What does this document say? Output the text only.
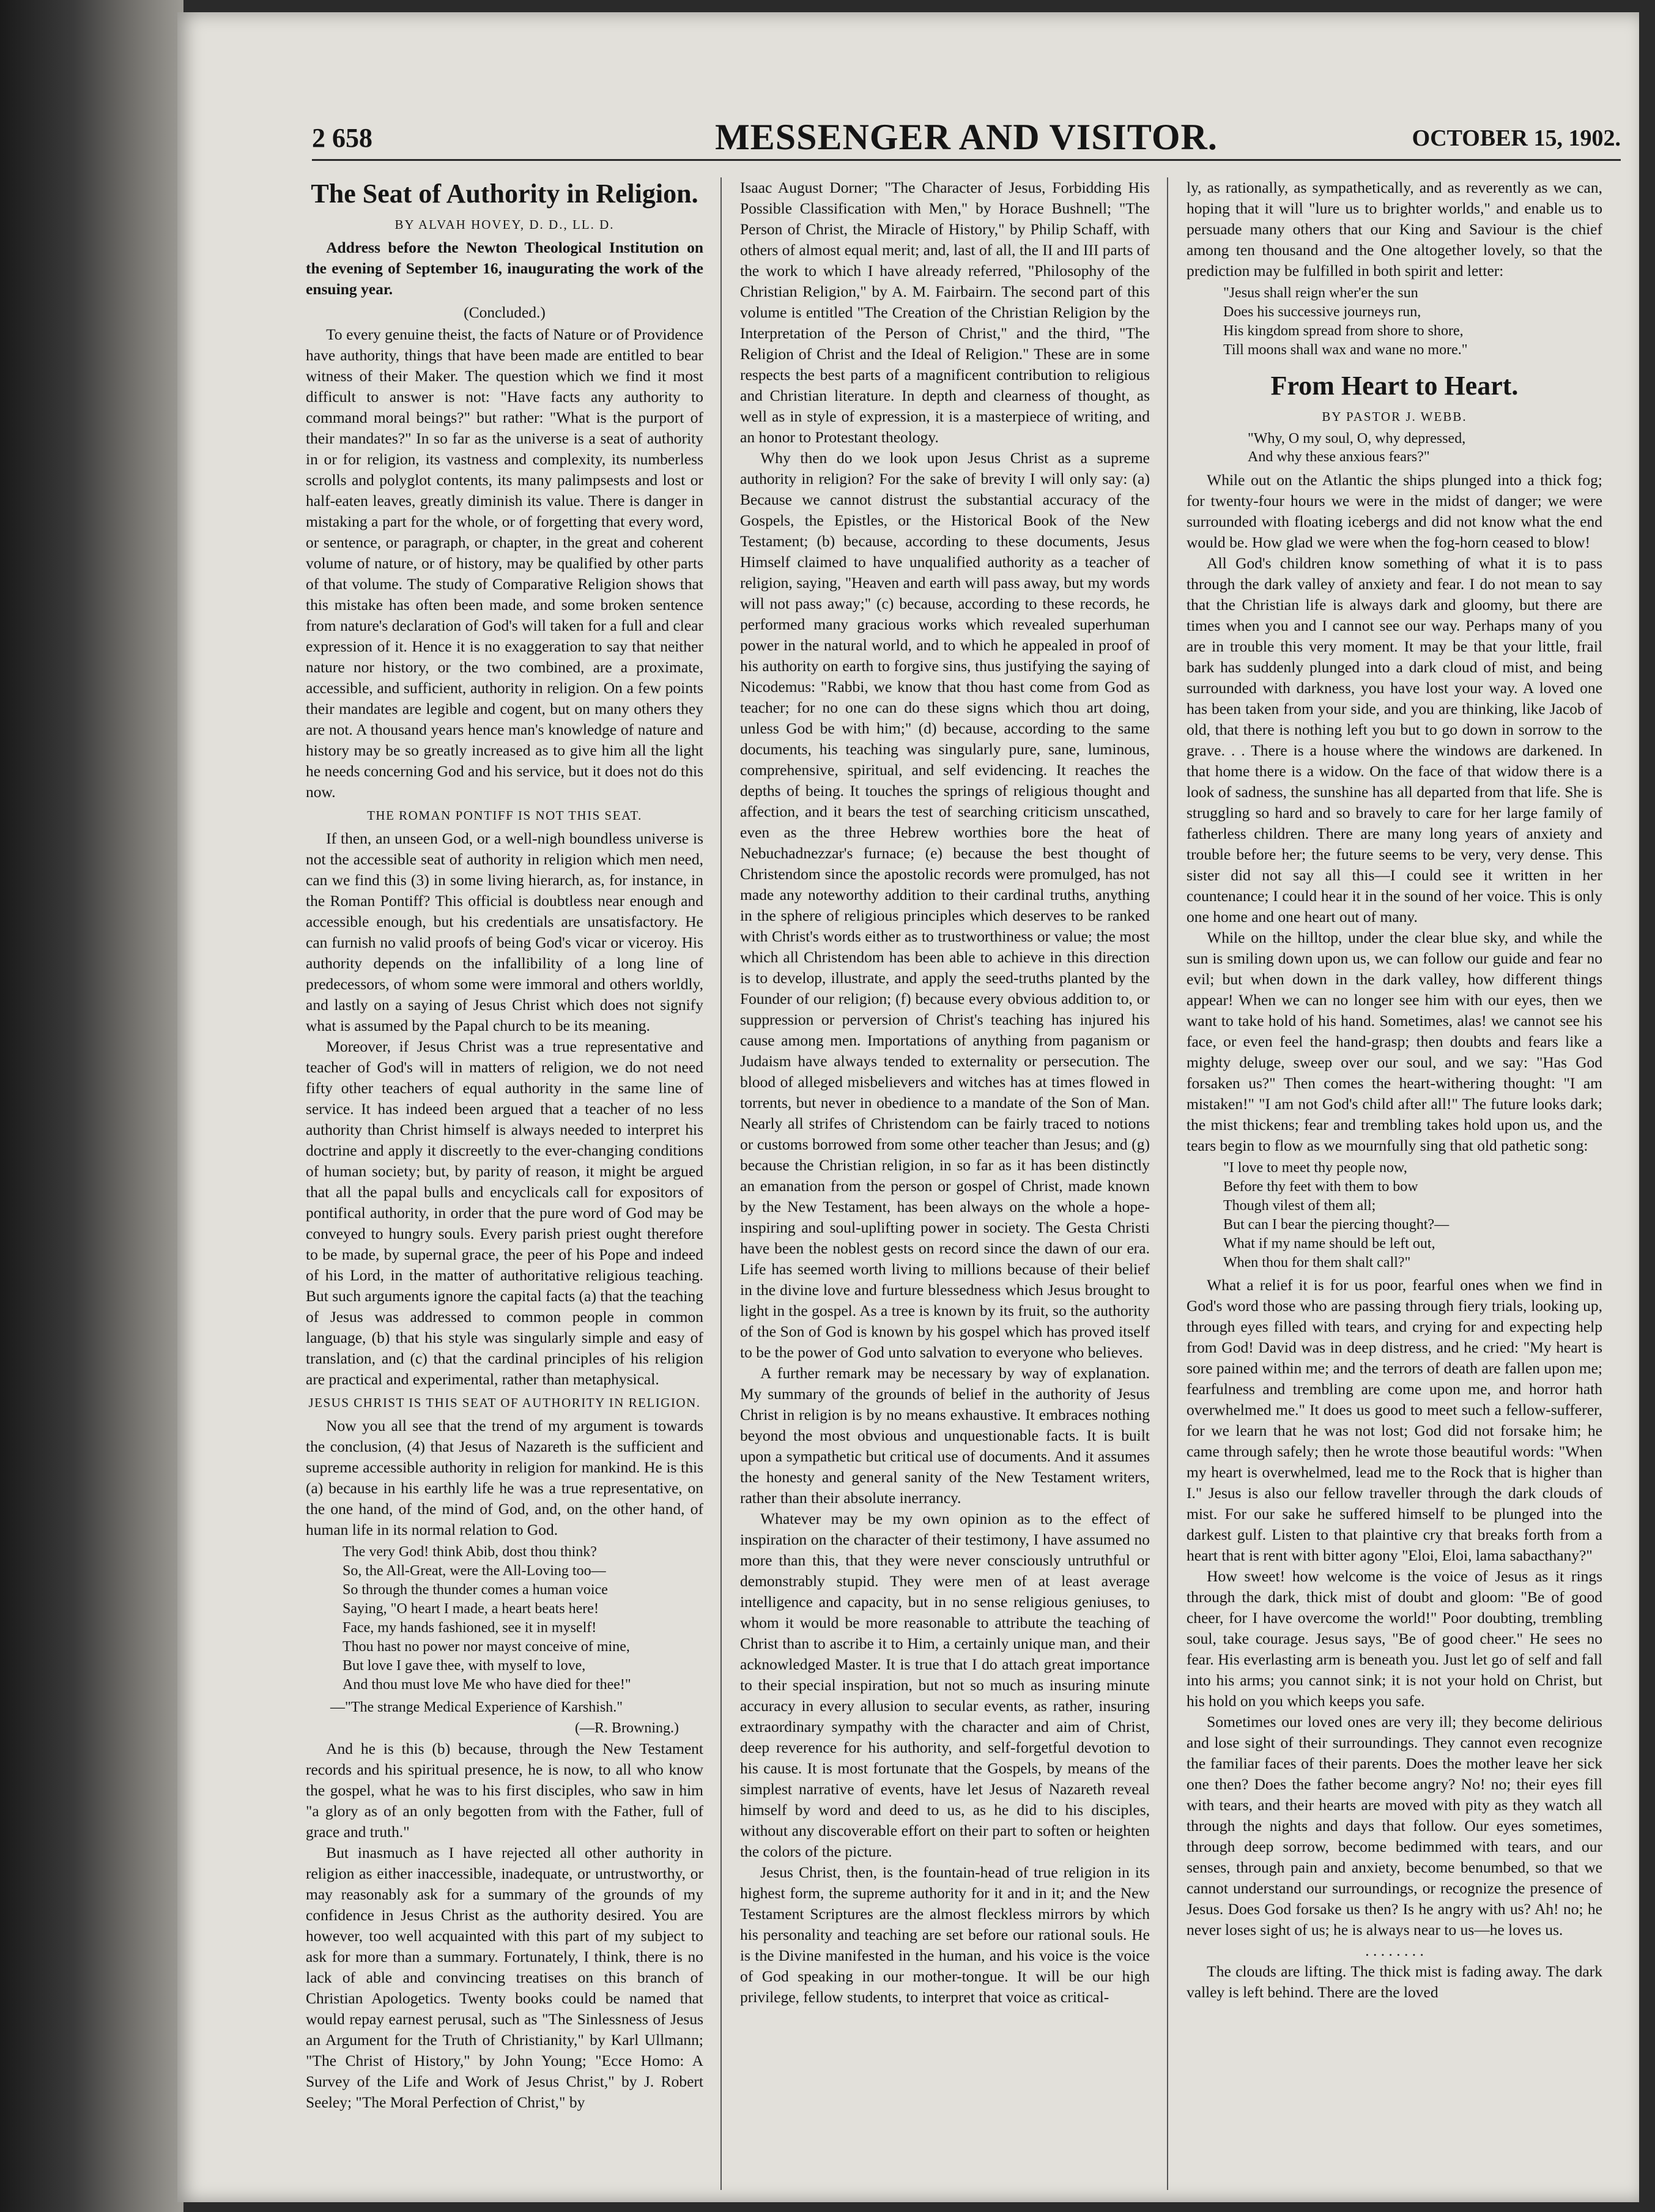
2 658	MESSENGER AND VISITOR.	OCTOBER 15, 1902.
The Seat of Authority in Religion.
BY ALVAH HOVEY, D. D., LL. D.

Address before the Newton Theological Institution on the evening of September 16, inaugurating the work of the ensuing year.

(Concluded.)

To every genuine theist, the facts of Nature or of Providence have authority, things that have been made are entitled to bear witness of their Maker. The question which we find it most difficult to answer is not: "Have facts any authority to command moral beings?" but rather: "What is the purport of their mandates?" In so far as the universe is a seat of authority in or for religion, its vastness and complexity, its numberless scrolls and polyglot contents, its many palimpsests and lost or half-eaten leaves, greatly diminish its value. There is danger in mistaking a part for the whole, or of forgetting that every word, or sentence, or paragraph, or chapter, in the great and coherent volume of nature, or of history, may be qualified by other parts of that volume. The study of Comparative Religion shows that this mistake has often been made, and some broken sentence from nature's declaration of God's will taken for a full and clear expression of it. Hence it is no exaggeration to say that neither nature nor history, or the two combined, are a proximate, accessible, and sufficient, authority in religion. On a few points their mandates are legible and cogent, but on many others they are not. A thousand years hence man's knowledge of nature and history may be so greatly increased as to give him all the light he needs concerning God and his service, but it does not do this now.

THE ROMAN PONTIFF IS NOT THIS SEAT.

If then, an unseen God, or a well-nigh boundless universe is not the accessible seat of authority in religion which men need, can we find this (3) in some living hierarch, as, for instance, in the Roman Pontiff? This official is doubtless near enough and accessible enough, but his credentials are unsatisfactory. He can furnish no valid proofs of being God's vicar or viceroy. His authority depends on the infallibility of a long line of predecessors, of whom some were immoral and others worldly, and lastly on a saying of Jesus Christ which does not signify what is assumed by the Papal church to be its meaning.

Moreover, if Jesus Christ was a true representative and teacher of God's will in matters of religion, we do not need fifty other teachers of equal authority in the same line of service. It has indeed been argued that a teacher of no less authority than Christ himself is always needed to interpret his doctrine and apply it discreetly to the ever-changing conditions of human society; but, by parity of reason, it might be argued that all the papal bulls and encyclicals call for expositors of pontifical authority, in order that the pure word of God may be conveyed to hungry souls. Every parish priest ought therefore to be made, by supernal grace, the peer of his Pope and indeed of his Lord, in the matter of authoritative religious teaching. But such arguments ignore the capital facts (a) that the teaching of Jesus was addressed to common people in common language, (b) that his style was singularly simple and easy of translation, and (c) that the cardinal principles of his religion are practical and experimental, rather than metaphysical.

JESUS CHRIST IS THIS SEAT OF AUTHORITY IN RELIGION.

Now you all see that the trend of my argument is towards the conclusion, (4) that Jesus of Nazareth is the sufficient and supreme accessible authority in religion for mankind. He is this (a) because in his earthly life he was a true representative, on the one hand, of the mind of God, and, on the other hand, of human life in its normal relation to God.

The very God! think Abib, dost thou think?
So, the All-Great, were the All-Loving too—
So through the thunder comes a human voice
Saying, "O heart I made, a heart beats here!
Face, my hands fashioned, see it in myself!
Thou hast no power nor mayst conceive of mine,
But love I gave thee, with myself to love,
And thou must love Me who have died for thee!"
—"The strange Medical Experience of Karshish."
(—R. Browning.)

And he is this (b) because, through the New Testament records and his spiritual presence, he is now, to all who know the gospel, what he was to his first disciples, who saw in him "a glory as of an only begotten from with the Father, full of grace and truth."

But inasmuch as I have rejected all other authority in religion as either inaccessible, inadequate, or untrustworthy, or may reasonably ask for a summary of the grounds of my confidence in Jesus Christ as the authority desired. You are however, too well acquainted with this part of my subject to ask for more than a summary. Fortunately, I think, there is no lack of able and convincing treatises on this branch of Christian Apologetics. Twenty books could be named that would repay earnest perusal, such as "The Sinlessness of Jesus an Argument for the Truth of Christianity," by Karl Ullmann; "The Christ of History," by John Young; "Ecce Homo: A Survey of the Life and Work of Jesus Christ," by J. Robert Seeley; "The Moral Perfection of Christ," by

Isaac August Dorner; "The Character of Jesus, Forbidding His Possible Classification with Men," by Horace Bushnell; "The Person of Christ, the Miracle of History," by Philip Schaff, with others of almost equal merit; and, last of all, the II and III parts of the work to which I have already referred, "Philosophy of the Christian Religion," by A. M. Fairbairn. The second part of this volume is entitled "The Creation of the Christian Religion by the Interpretation of the Person of Christ," and the third, "The Religion of Christ and the Ideal of Religion." These are in some respects the best parts of a magnificent contribution to religious and Christian literature. In depth and clearness of thought, as well as in style of expression, it is a masterpiece of writing, and an honor to Protestant theology.

Why then do we look upon Jesus Christ as a supreme authority in religion? For the sake of brevity I will only say: (a) Because we cannot distrust the substantial accuracy of the Gospels, the Epistles, or the Historical Book of the New Testament; (b) because, according to these documents, Jesus Himself claimed to have unqualified authority as a teacher of religion, saying, "Heaven and earth will pass away, but my words will not pass away;" (c) because, according to these records, he performed many gracious works which revealed superhuman power in the natural world, and to which he appealed in proof of his authority on earth to forgive sins, thus justifying the saying of Nicodemus: "Rabbi, we know that thou hast come from God as teacher; for no one can do these signs which thou art doing, unless God be with him;" (d) because, according to the same documents, his teaching was singularly pure, sane, luminous, comprehensive, spiritual, and self evidencing. It reaches the depths of being. It touches the springs of religious thought and affection, and it bears the test of searching criticism unscathed, even as the three Hebrew worthies bore the heat of Nebuchadnezzar's furnace; (e) because the best thought of Christendom since the apostolic records were promulged, has not made any noteworthy addition to their cardinal truths, anything in the sphere of religious principles which deserves to be ranked with Christ's words either as to trustworthiness or value; the most which all Christendom has been able to achieve in this direction is to develop, illustrate, and apply the seed-truths planted by the Founder of our religion; (f) because every obvious addition to, or suppression or perversion of Christ's teaching has injured his cause among men. Importations of anything from paganism or Judaism have always tended to externality or persecution. The blood of alleged misbelievers and witches has at times flowed in torrents, but never in obedience to a mandate of the Son of Man. Nearly all strifes of Christendom can be fairly traced to notions or customs borrowed from some other teacher than Jesus; and (g) because the Christian religion, in so far as it has been distinctly an emanation from the person or gospel of Christ, made known by the New Testament, has been always on the whole a hope-inspiring and soul-uplifting power in society. The Gesta Christi have been the noblest gests on record since the dawn of our era. Life has seemed worth living to millions because of their belief in the divine love and furture blessedness which Jesus brought to light in the gospel. As a tree is known by its fruit, so the authority of the Son of God is known by his gospel which has proved itself to be the power of God unto salvation to everyone who believes.

A further remark may be necessary by way of explanation. My summary of the grounds of belief in the authority of Jesus Christ in religion is by no means exhaustive. It embraces nothing beyond the most obvious and unquestionable facts. It is built upon a sympathetic but critical use of documents. And it assumes the honesty and general sanity of the New Testament writers, rather than their absolute inerrancy.

Whatever may be my own opinion as to the effect of inspiration on the character of their testimony, I have assumed no more than this, that they were never consciously untruthful or demonstrably stupid. They were men of at least average intelligence and capacity, but in no sense religious geniuses, to whom it would be more reasonable to attribute the teaching of Christ than to ascribe it to Him, a certainly unique man, and their acknowledged Master. It is true that I do attach great importance to their special inspiration, but not so much as insuring minute accuracy in every allusion to secular events, as rather, insuring extraordinary sympathy with the character and aim of Christ, deep reverence for his authority, and self-forgetful devotion to his cause. It is most fortunate that the Gospels, by means of the simplest narrative of events, have let Jesus of Nazareth reveal himself by word and deed to us, as he did to his disciples, without any discoverable effort on their part to soften or heighten the colors of the picture.

Jesus Christ, then, is the fountain-head of true religion in its highest form, the supreme authority for it and in it; and the New Testament Scriptures are the almost fleckless mirrors by which his personality and teaching are set before our rational souls. He is the Divine manifested in the human, and his voice is the voice of God speaking in our mother-tongue. It will be our high privilege, fellow students, to interpret that voice as critical-

ly, as rationally, as sympathetically, and as reverently as we can, hoping that it will "lure us to brighter worlds," and enable us to persuade many others that our King and Saviour is the chief among ten thousand and the One altogether lovely, so that the prediction may be fulfilled in both spirit and letter:

"Jesus shall reign wher'er the sun
Does his successive journeys run,
His kingdom spread from shore to shore,
Till moons shall wax and wane no more."
From Heart to Heart.
BY PASTOR J. WEBB.
"Why, O my soul, O, why depressed,
And why these anxious fears?"

While out on the Atlantic the ships plunged into a thick fog; for twenty-four hours we were in the midst of danger; we were surrounded with floating icebergs and did not know what the end would be. How glad we were when the fog-horn ceased to blow!

All God's children know something of what it is to pass through the dark valley of anxiety and fear. I do not mean to say that the Christian life is always dark and gloomy, but there are times when you and I cannot see our way. Perhaps many of you are in trouble this very moment. It may be that your little, frail bark has suddenly plunged into a dark cloud of mist, and being surrounded with darkness, you have lost your way. A loved one has been taken from your side, and you are thinking, like Jacob of old, that there is nothing left you but to go down in sorrow to the grave. . . There is a house where the windows are darkened. In that home there is a widow. On the face of that widow there is a look of sadness, the sunshine has all departed from that life. She is struggling so hard and so bravely to care for her large family of fatherless children. There are many long years of anxiety and trouble before her; the future seems to be very, very dense. This sister did not say all this—I could see it written in her countenance; I could hear it in the sound of her voice. This is only one home and one heart out of many.

While on the hilltop, under the clear blue sky, and while the sun is smiling down upon us, we can follow our guide and fear no evil; but when down in the dark valley, how different things appear! When we can no longer see him with our eyes, then we want to take hold of his hand. Sometimes, alas! we cannot see his face, or even feel the hand-grasp; then doubts and fears like a mighty deluge, sweep over our soul, and we say: "Has God forsaken us?" Then comes the heart-withering thought: "I am mistaken!" "I am not God's child after all!" The future looks dark; the mist thickens; fear and trembling takes hold upon us, and the tears begin to flow as we mournfully sing that old pathetic song:

"I love to meet thy people now,
Before thy feet with them to bow
Though vilest of them all;
But can I bear the piercing thought?—
What if my name should be left out,
When thou for them shalt call?"

What a relief it is for us poor, fearful ones when we find in God's word those who are passing through fiery trials, looking up, through eyes filled with tears, and crying for and expecting help from God! David was in deep distress, and he cried: "My heart is sore pained within me; and the terrors of death are fallen upon me; fearfulness and trembling are come upon me, and horror hath overwhelmed me." It does us good to meet such a fellow-sufferer, for we learn that he was not lost; God did not forsake him; he came through safely; then he wrote those beautiful words: "When my heart is overwhelmed, lead me to the Rock that is higher than I." Jesus is also our fellow traveller through the dark clouds of mist. For our sake he suffered himself to be plunged into the darkest gulf. Listen to that plaintive cry that breaks forth from a heart that is rent with bitter agony "Eloi, Eloi, lama sabacthany?"

How sweet! how welcome is the voice of Jesus as it rings through the dark, thick mist of doubt and gloom: "Be of good cheer, for I have overcome the world!" Poor doubting, trembling soul, take courage. Jesus says, "Be of good cheer." He sees no fear. His everlasting arm is beneath you. Just let go of self and fall into his arms; you cannot sink; it is not your hold on Christ, but his hold on you which keeps you safe.

Sometimes our loved ones are very ill; they become delirious and lose sight of their surroundings. They cannot even recognize the familiar faces of their parents. Does the mother leave her sick one then? Does the father become angry? No! no; their eyes fill with tears, and their hearts are moved with pity as they watch all through the nights and days that follow. Our eyes sometimes, through deep sorrow, become bedimmed with tears, and our senses, through pain and anxiety, become benumbed, so that we cannot understand our surroundings, or recognize the presence of Jesus. Does God forsake us then? Is he angry with us? Ah! no; he never loses sight of us; he is always near to us—he loves us.

. . . . . . . .

The clouds are lifting. The thick mist is fading away. The dark valley is left behind. There are the loved
